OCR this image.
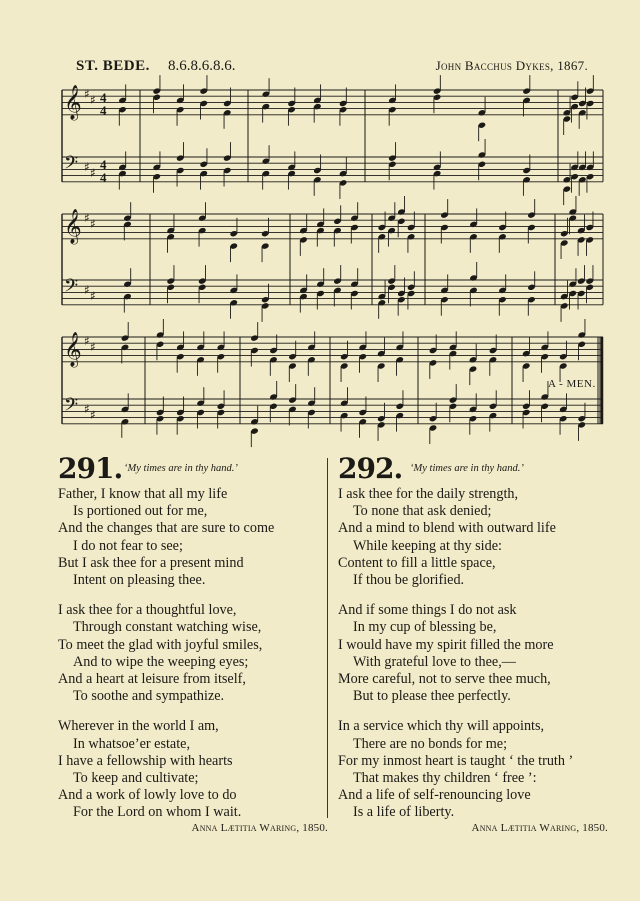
ST. BEDE. 8.6.8.6.8.6.	John Bacchus Dykes, 1867.
𝄞 ♯ ♯ 4
4
𝄢 ♯ ♯
4
4
𝄞 ♯ ♯
𝄢 ♯ ♯
𝄞 ♯ ♯
𝄢 ♯ ♯
A - MEN.
291. ‘My times are in thy hand.’
Father, I know that all my life
Is portioned out for me,
And the changes that are sure to come
I do not fear to see;
But I ask thee for a present mind
Intent on pleasing thee.
I ask thee for a thoughtful love,
Through constant watching wise,
To meet the glad with joyful smiles,
And to wipe the weeping eyes;
And a heart at leisure from itself,
To soothe and sympathize.
Wherever in the world I am,
In whatsoe’er estate,
I have a fellowship with hearts
To keep and cultivate;
And a work of lowly love to do
For the Lord on whom I wait.
Anna Lætitia Waring, 1850.
292. ‘My times are in thy hand.’
I ask thee for the daily strength,
To none that ask denied;
And a mind to blend with outward life
While keeping at thy side:
Content to fill a little space,
If thou be glorified.
And if some things I do not ask
In my cup of blessing be,
I would have my spirit filled the more
With grateful love to thee,—
More careful, not to serve thee much,
But to please thee perfectly.
In a service which thy will appoints,
There are no bonds for me;
For my inmost heart is taught ‘ the truth ’
That makes thy children ‘ free ’:
And a life of self-renouncing love
Is a life of liberty.
Anna Lætitia Waring, 1850.
